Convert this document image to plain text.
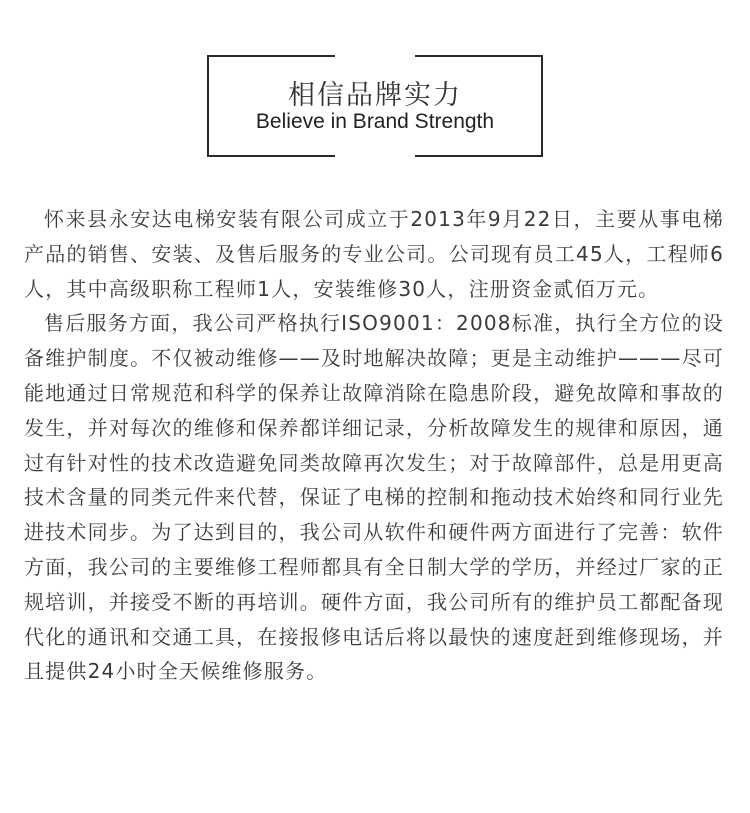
相信品牌实力
Believe in Brand Strength

怀来县永安达电梯安装有限公司成立于2013年9月22日，主要从事电梯产品的销售、安装、及售后服务的专业公司。公司现有员工45人，工程师6人，其中高级职称工程师1人，安装维修30人，注册资金贰佰万元。

售后服务方面，我公司严格执行ISO9001：2008标准，执行全方位的设备维护制度。不仅被动维修——及时地解决故障；更是主动维护———尽可能地通过日常规范和科学的保养让故障消除在隐患阶段，避免故障和事故的发生，并对每次的维修和保养都详细记录，分析故障发生的规律和原因，通过有针对性的技术改造避免同类故障再次发生；对于故障部件，总是用更高技术含量的同类元件来代替，保证了电梯的控制和拖动技术始终和同行业先进技术同步。为了达到目的，我公司从软件和硬件两方面进行了完善：软件方面，我公司的主要维修工程师都具有全日制大学的学历，并经过厂家的正规培训，并接受不断的再培训。硬件方面，我公司所有的维护员工都配备现代化的通讯和交通工具，在接报修电话后将以最快的速度赶到维修现场，并且提供24小时全天候维修服务。
